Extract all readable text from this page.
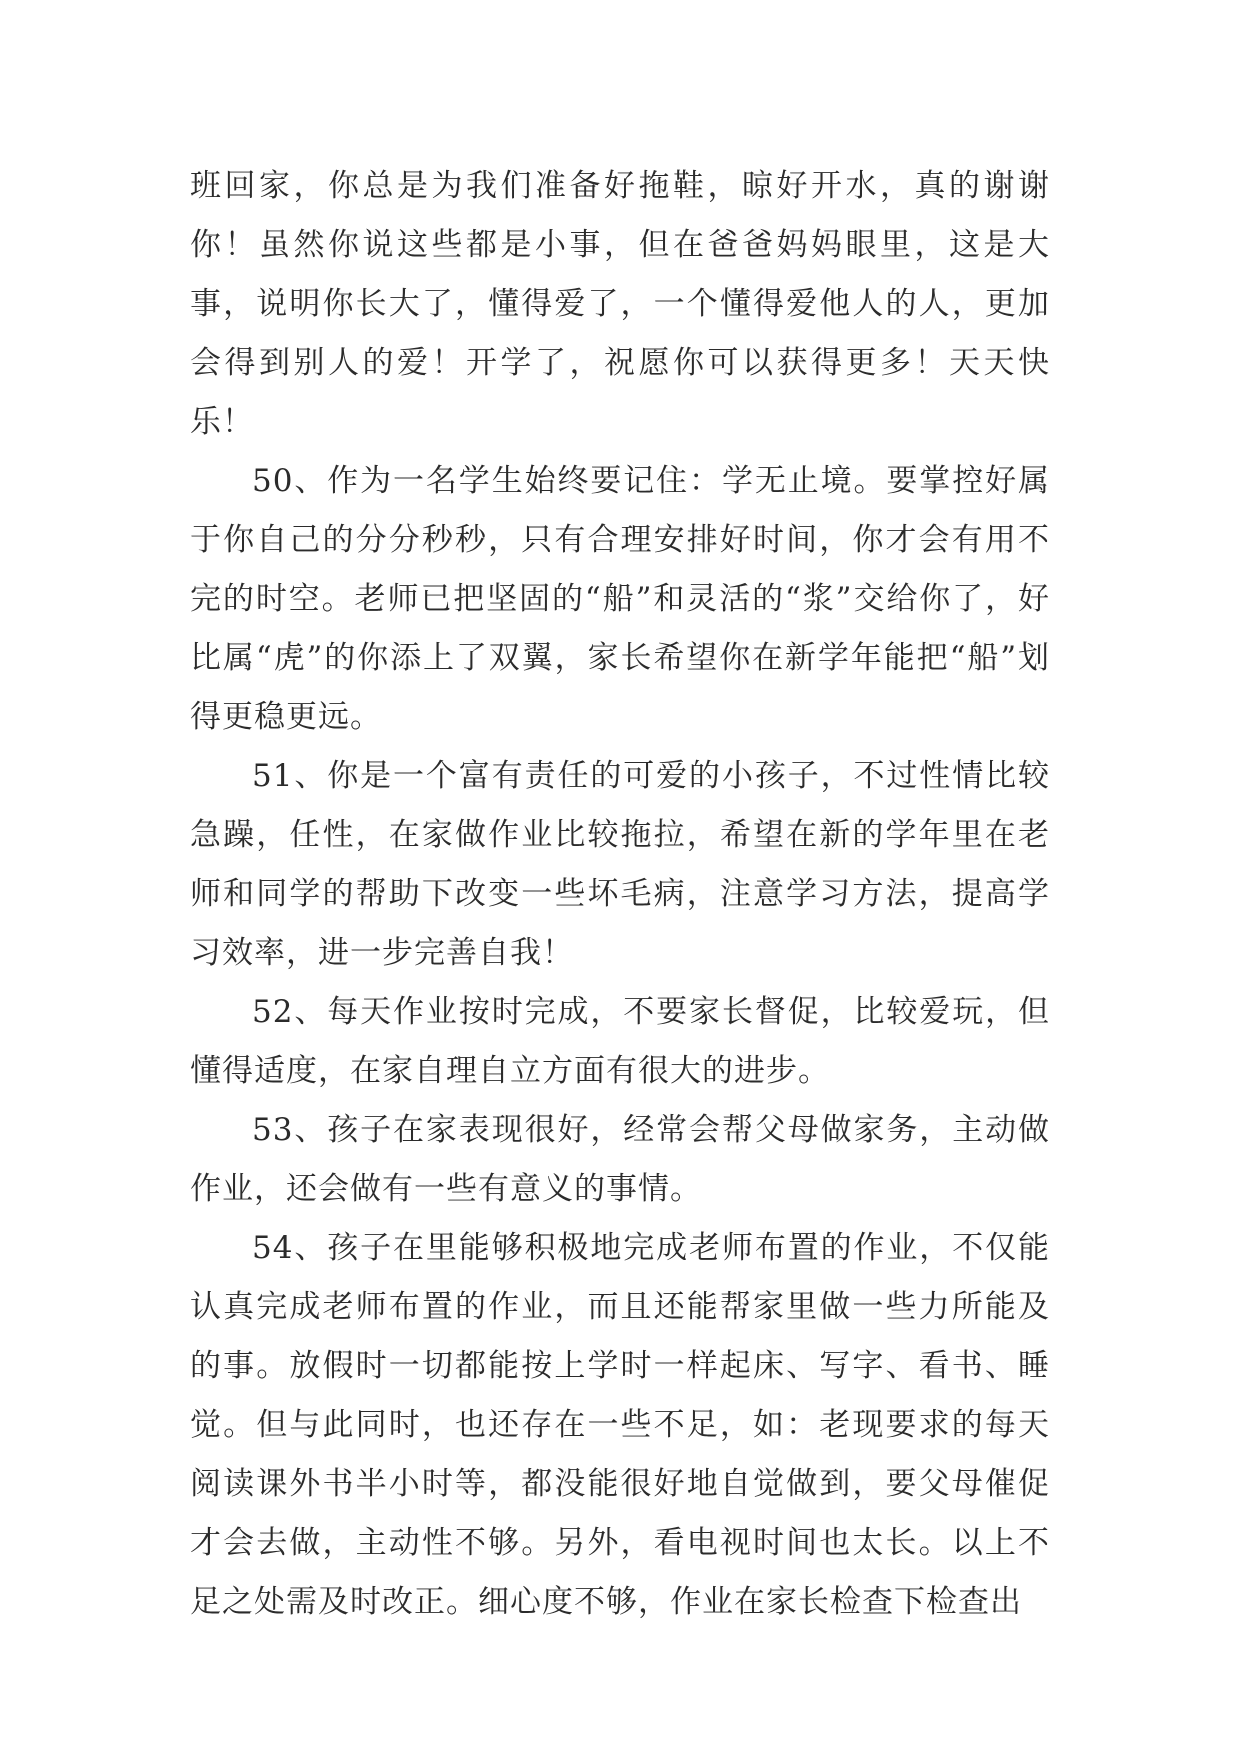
班回家，你总是为我们准备好拖鞋，晾好开水，真的谢谢你！虽然你说这些都是小事，但在爸爸妈妈眼里，这是大事，说明你长大了，懂得爱了，一个懂得爱他人的人，更加会得到别人的爱！开学了，祝愿你可以获得更多！天天快乐！

50、作为一名学生始终要记住：学无止境。要掌控好属于你自己的分分秒秒，只有合理安排好时间，你才会有用不完的时空。老师已把坚固的“船”和灵活的“浆”交给你了，好比属“虎”的你添上了双翼，家长希望你在新学年能把“船”划得更稳更远。

51、你是一个富有责任的可爱的小孩子，不过性情比较急躁，任性，在家做作业比较拖拉，希望在新的学年里在老师和同学的帮助下改变一些坏毛病，注意学习方法，提高学习效率，进一步完善自我！

52、每天作业按时完成，不要家长督促，比较爱玩，但懂得适度，在家自理自立方面有很大的进步。

53、孩子在家表现很好，经常会帮父母做家务，主动做作业，还会做有一些有意义的事情。

54、孩子在里能够积极地完成老师布置的作业，不仅能认真完成老师布置的作业，而且还能帮家里做一些力所能及的事。放假时一切都能按上学时一样起床、写字、看书、睡觉。但与此同时，也还存在一些不足，如：老现要求的每天阅读课外书半小时等，都没能很好地自觉做到，要父母催促才会去做，主动性不够。另外，看电视时间也太长。以上不足之处需及时改正。细心度不够，作业在家长检查下检查出
